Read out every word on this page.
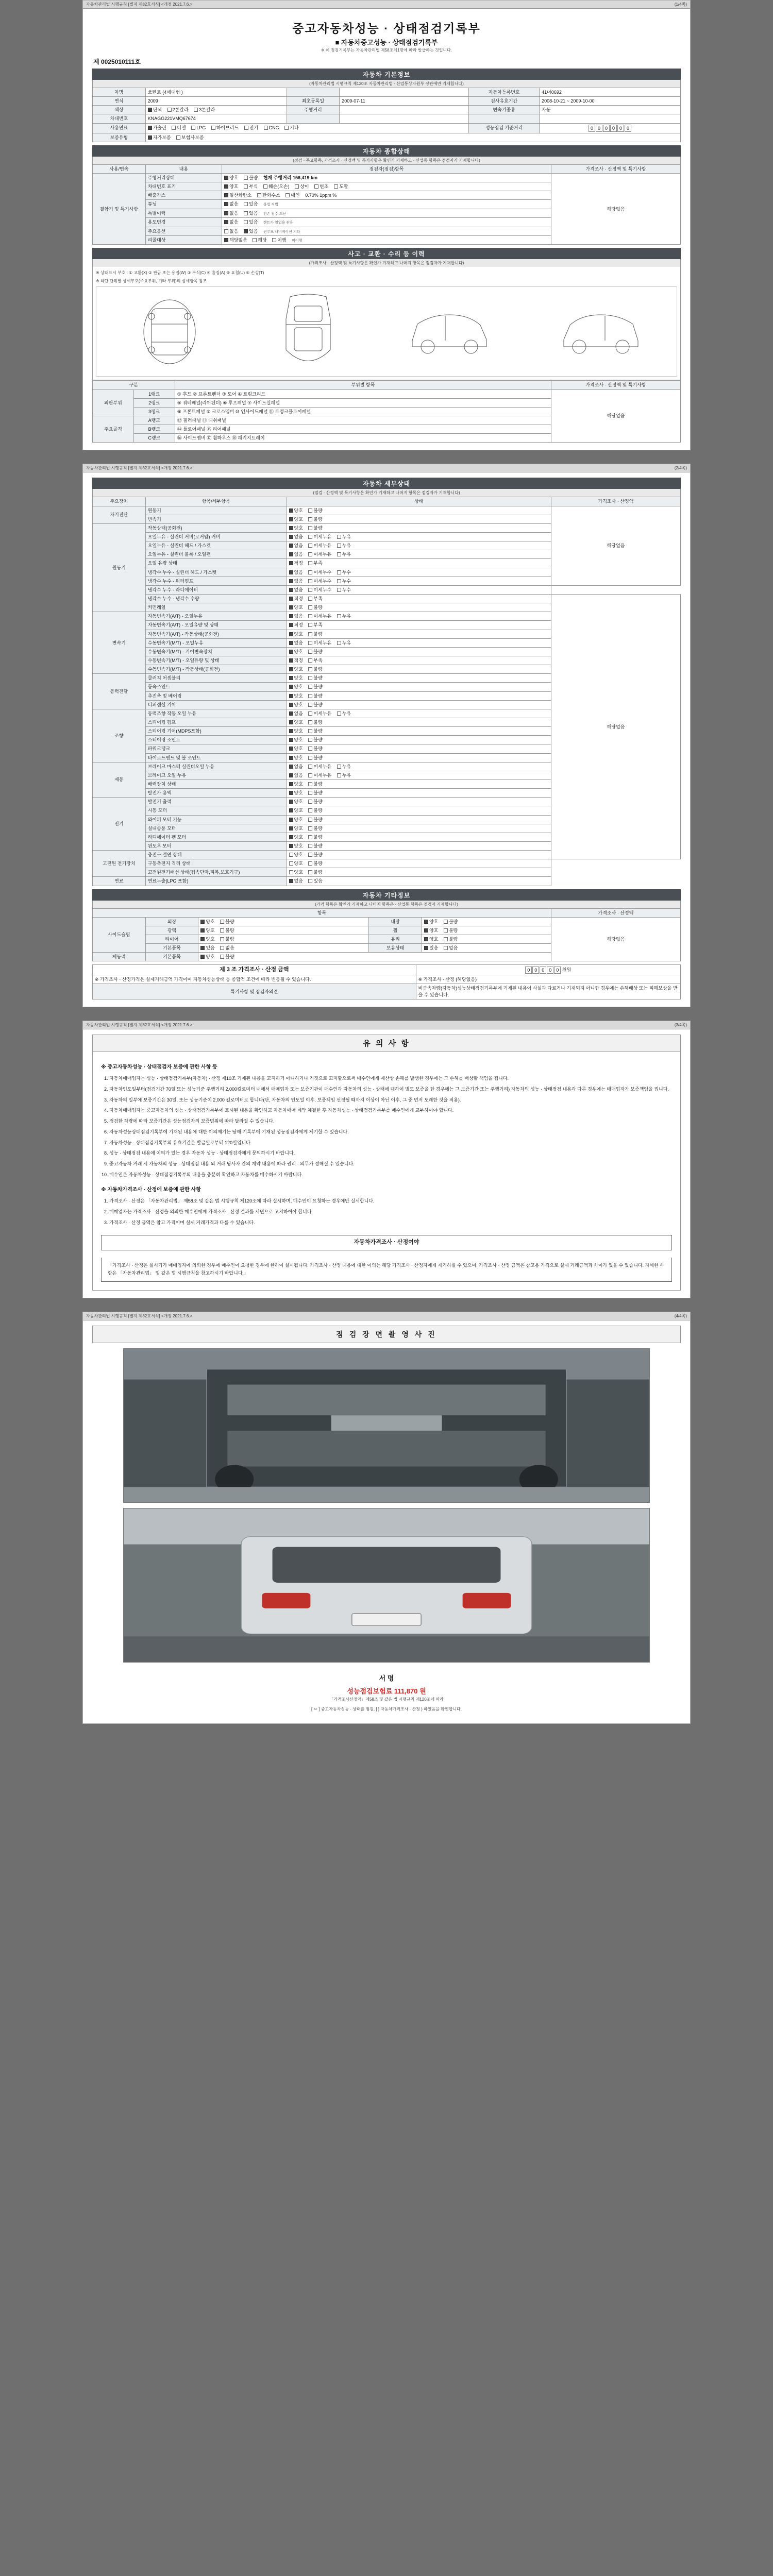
자동차관리법 시행규칙 [별지 제82호서식] <개정 2021.7.6.>	(1/4쪽)
중고자동차성능 · 상태점검기록부
■ 자동차중고성능 · 상태점검기록부
※ 이 점검기록부는 자동차관리법 제58조제1항에 따라 발급하는 것입니다.
제 0025010111호
자동차 기본정보
(자동차관리법 시행규칙 제120조 자동차관리법 · 산업통상자원부 장관에만 기재합니다)
차명	쏘렌토 (4세대형 )			자동차등록번호	41머0692
연식	2009	최초등록일	2009-07-11	검사유효기간	2008-10-21 ~ 2009-10-00
색상	단색 2톤칼라 3톤칼라	주행거리		변속기종류	자동
차대번호	KNAGG221VMQ67674				
사용연료	가솔린 디젤 LPG 하이브리드 전기 CNG 기타	성능점검 기준거리	0 0 0 0 0 0

보증유형	자가보증 보험사보증				
자동차 종합상태
(점검 · 주요항목, 가격조사 · 산정액 및 특기사항은 확인가 기재하고 · 산업통 항목은 점검자가 기재합니다)
사용/변속	내용	점검자(점검)항목	가격조사 · 산정액 및 특기사항
결함기 및 특기사항	주행거리상태	양호 불량 현재 주행거리 156,419 km	해당없음
	차대번호 표기	양호 부식 훼손(오손) 상이 변조 도말	
	배출가스	일산화탄소 탄화수소 매연 0.70% 1ppm %	
	튜닝	없음 있음 불법 적법	
	특별이력	없음 있음 전손 침수 도난	
	용도변경	없음 있음 렌트카 영업용 관용	
	주요옵션	없음 있음 썬루프 내비게이션 기타	
	리콜대상	해당없음 해당 이행 미이행	
사고 · 교환 · 수리 등 이력
(가격조사 · 산정액 및 특기사항은 확인가 기재하고 나머지 항목은 점검자가 기재합니다)
※ 상태표시 부호 : ① 교환(X) ② 판금 또는 용접(W) ③ 부식(C) ④ 흠집(A) ⑤ 요철(U) ⑥ 손상(T)
※ 하단 단위별 상세부호(주요부위, 기타 부위)의 상세항목 참조
구분		부위별 항목	가격조사 · 산정액 및 특기사항
외판부위	1랭크	① 후드 ② 프론트펜더 ③ 도어 ④ 트렁크리드	해당없음
	2랭크	⑤ 쿼터패널(리어펜더) ⑥ 루프패널 ⑦ 사이드실패널	
	3랭크	⑧ 프론트패널 ⑨ 크로스멤버 ⑩ 인사이드패널 ⑪ 트렁크플로어패널	
주요골격	A랭크	⑫ 필러패널 ⑬ 대쉬패널	
	B랭크	⑭ 플로어패널 ⑮ 리어패널	
	C랭크	⑯ 사이드멤버 ⑰ 휠하우스 ⑱ 패키지트레이	
자동차관리법 시행규칙 [별지 제82호서식] <개정 2021.7.6.>	(2/4쪽)
자동차 세부상태
(점검 · 산정액 및 특기사항은 확인가 기재하고 나머지 항목은 점검자가 기재합니다)
주요장치	항목/세부항목	상태	가격조사 · 산정액
자기진단	원동기	양호 불량	해당없음
	변속기	양호 불량	
원동기	작동상태(공회전)	양호 불량	
	오일누유 - 실린더 커버(로커암) 커버	없음 미세누유 누유	
	오일누유 - 실린더 헤드 / 가스켓	없음 미세누유 누유	
	오일누유 - 실린더 블록 / 오일팬	없음 미세누유 누유	
	오일 유량 상태	적정 부족	
	냉각수 누수 - 실린더 헤드 / 가스켓	없음 미세누수 누수	
	냉각수 누수 - 워터펌프	없음 미세누수 누수	
	냉각수 누수 - 라디에이터	없음 미세누수 누수	
	냉각수 누수 - 냉각수 수량	적정 부족	해당없음
	커먼레일	양호 불량	
변속기	자동변속기(A/T) - 오일누유	없음 미세누유 누유	
	자동변속기(A/T) - 오일유량 및 상태	적정 부족	
	자동변속기(A/T) - 작동상태(공회전)	양호 불량	
	수동변속기(M/T) - 오일누유	없음 미세누유 누유	
	수동변속기(M/T) - 기어변속장치	양호 불량	
	수동변속기(M/T) - 오일유량 및 상태	적정 부족	
	수동변속기(M/T) - 작동상태(공회전)	양호 불량	
동력전달	클러치 어셈블리	양호 불량	
	등속조인트	양호 불량	
	추진축 및 베어링	양호 불량	
	디퍼렌셜 기어	양호 불량	
조향	동력조향 작동 오일 누유	없음 미세누유 누유	
	스티어링 펌프	양호 불량	
	스티어링 기어(MDPS포함)	양호 불량	
	스티어링 조인트	양호 불량	
	파워크랭크	양호 불량	
	타이로드엔드 및 볼 조인트	양호 불량	
제동	브레이크 마스터 실린더오일 누유	없음 미세누유 누유	
	브레이크 오일 누유	없음 미세누유 누유	
	배력장치 상태	양호 불량	
	탈진가 용액	양호 불량	
전기	발전기 출력	양호 불량	
	시동 모터	양호 불량	
	와이퍼 모터 기능	양호 불량	
	실내송풍 모터	양호 불량	
	라디에이터 팬 모터	양호 불량	
	윈도우 모터	양호 불량	
고전원 전기장치	충전구 절연 상태	양호 불량	
	구동축전지 격리 상태	양호 불량	
	고전원전기배선 상태(접속단자,피복,보호기구)	양호 불량	
연료	연료누출(LPG 포함)	없음 있음	
자동차 기타정보
(가격 항목은 확인가 기재하고 나머지 항목은 · 산업통 항목은 점검자 기재합니다)
항목					가격조사 · 산정액
사이드슬립	외장	양호 불량	내장	양호 불량	해당없음
	광택	양호 불량	휠	양호 불량	
	타이어	양호 불량	유리	양호 불량	
	기본품목	있음 없음	보유상태	있음 없음	
제동력	기본품목	양호 불량			
제 3 조 가격조사 · 산정 금액	0 0 0 0 0 천원
※ 가격조사 · 산정가격은 실제거래금액 가격이며 자동차성능상태 등 종합적 조건에 따라 변동될 수 있습니다.	※ 가격조사 · 산정 (해당없음)
특기사항 및 점검자의견	비금속차량(자동차)성능상태점검기록부에 기재된 내용이 사실과 다르거나 기재되지 아니한 경우에는 손해배상 또는 피해보상을 받을 수 있습니다.
자동차관리법 시행규칙 [별지 제82호서식] <개정 2021.7.6.>	(3/4쪽)
유 의 사 항
※ 중고자동차성능 · 상태점검자 보증에 관한 사항 등
1. 자동차매매업자는 성능 · 상태점검기록부(자동차) · 산정 제10조 기재된 내용을 고지하기 아니하거나 거짓으로 고지할으로써 매수인에게 재산상 손해를 발생한 경우에는 그 손해를 배상할 책임을 집니다.
2. 자동차인도일부터(점검기간 70일 또는 성능기준 주행거리 2,000킬로미터 내에서 매매업자 또는 보증기관이 매수인과 자동차의 성능 · 상태에 대하여 별도 보증을 한 경우에는 그 보증기간 또는 주행거리) 자동차의 성능 · 상태점검 내용과 다른 경우에는 매매업자가 보증책임을 집니다.
3. 자동차의 일부에 보증기간은 30일, 또는 성능기준이 2,000 킬로미터로 합니다(단, 자동차의 인도일 이후, 보증책임 선정될 때까지 이상이 아닌 이후, 그 중 먼저 도래한 것을 적용).
4. 자동차매매업자는 중고자동차의 성능 · 상태점검기록부에 표시된 내용을 확인하고 자동차매매 계약 체결한 후 자동차성능 · 상태점검기록부를 매수인에게 교부하여야 합니다.
5. 점검한 차량에 따라 보증기간은 성능점검자의 보증범위에 따라 달라질 수 있습니다.
6. 자동차성능상태점검기록부에 기재된 내용에 대한 이의제기는 당해 기록부에 기재된 성능점검자에게 제기할 수 있습니다.
7. 자동차성능 · 상태점검기록부의 유효기간은 발급일로부터 120일입니다.
8. 성능 · 상태점검 내용에 이의가 있는 경우 자동차 성능 · 상태점검자에게 문의하시기 바랍니다.
9. 중고자동차 거래 시 자동차의 성능 · 상태점검 내용 외 거래 당사자 간의 계약 내용에 따라 권리 · 의무가 정해질 수 있습니다.
10. 매수인은 자동차성능 · 상태점검기록부의 내용을 충분히 확인하고 자동차를 매수하시기 바랍니다.
※ 자동차가격조사 · 산정에 보증에 관한 사항
1. 가격조사 · 산정은 「자동차관리법」 제58조 및 같은 법 시행규칙 제120조에 따라 실시하며, 매수인이 요청하는 경우에만 실시합니다.
2. 매매업자는 가격조사 · 산정을 의뢰한 매수인에게 가격조사 · 산정 결과를 서면으로 고지하여야 합니다.
3. 가격조사 · 산정 금액은 참고 가격이며 실제 거래가격과 다를 수 있습니다.
자동차가격조사 · 산정여야
「가격조사 · 산정은 실시기가 매매업자에 의뢰한 경우에 매수인이 요청한 경우에 한하여 실시됩니다. 가격조사 · 산정 내용에 대한 이의는 해당 가격조사 · 산정자에게 제기하실 수 있으며, 가격조사 · 산정 금액은 참고용 가격으로 실제 거래금액과 차이가 있을 수 있습니다. 자세한 사항은 「자동차관리법」 및 같은 법 시행규칙을 참고하시기 바랍니다.」
자동차관리법 시행규칙 [별지 제82호서식] <개정 2021.7.6.>	(4/4쪽)
점 검 장 면 촬 영 사 진
서 명
성능점검보험료 111,870 원
「가격조사산정액」제58조 및 같은 법 시행규칙 제120조에 따라
[ ㅇ ] 중고자동차성능 · 상태를 점검, [ ] 자동차가격조사 · 산정 ) 하였음을 확인합니다.
